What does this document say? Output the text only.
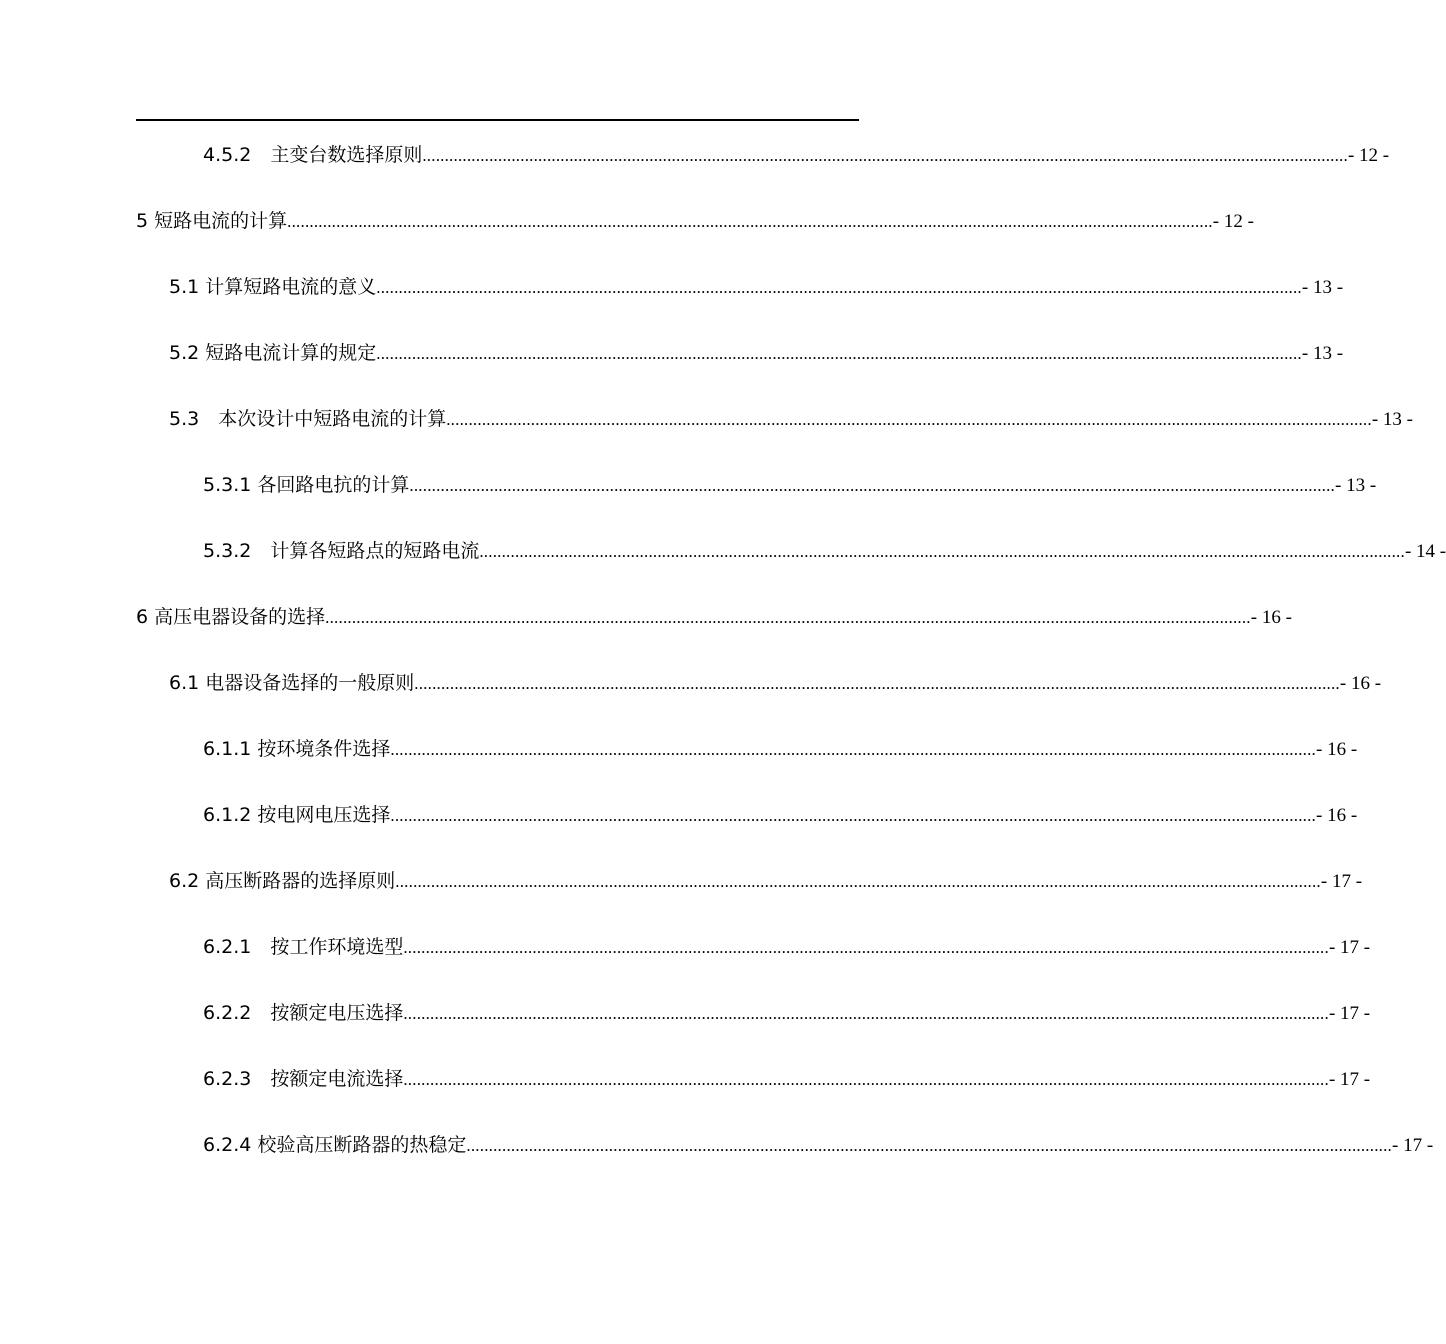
4.5.2　主变台数选择原则 ................................................................................................................................................................................................................ - 12 -
5 短路电流的计算 ................................................................................................................................................................................................................ - 12 -
5.1 计算短路电流的意义 ................................................................................................................................................................................................................ - 13 -
5.2 短路电流计算的规定 ................................................................................................................................................................................................................ - 13 -
5.3　本次设计中短路电流的计算 ................................................................................................................................................................................................................ - 13 -
5.3.1 各回路电抗的计算 ................................................................................................................................................................................................................ - 13 -
5.3.2　计算各短路点的短路电流 ................................................................................................................................................................................................................ - 14 -
6 高压电器设备的选择 ................................................................................................................................................................................................................ - 16 -
6.1 电器设备选择的一般原则 ................................................................................................................................................................................................................ - 16 -
6.1.1 按环境条件选择 ................................................................................................................................................................................................................ - 16 -
6.1.2 按电网电压选择 ................................................................................................................................................................................................................ - 16 -
6.2 高压断路器的选择原则 ................................................................................................................................................................................................................ - 17 -
6.2.1　按工作环境选型 ................................................................................................................................................................................................................ - 17 -
6.2.2　按额定电压选择 ................................................................................................................................................................................................................ - 17 -
6.2.3　按额定电流选择 ................................................................................................................................................................................................................ - 17 -
6.2.4 校验高压断路器的热稳定 ................................................................................................................................................................................................................ - 17 -
